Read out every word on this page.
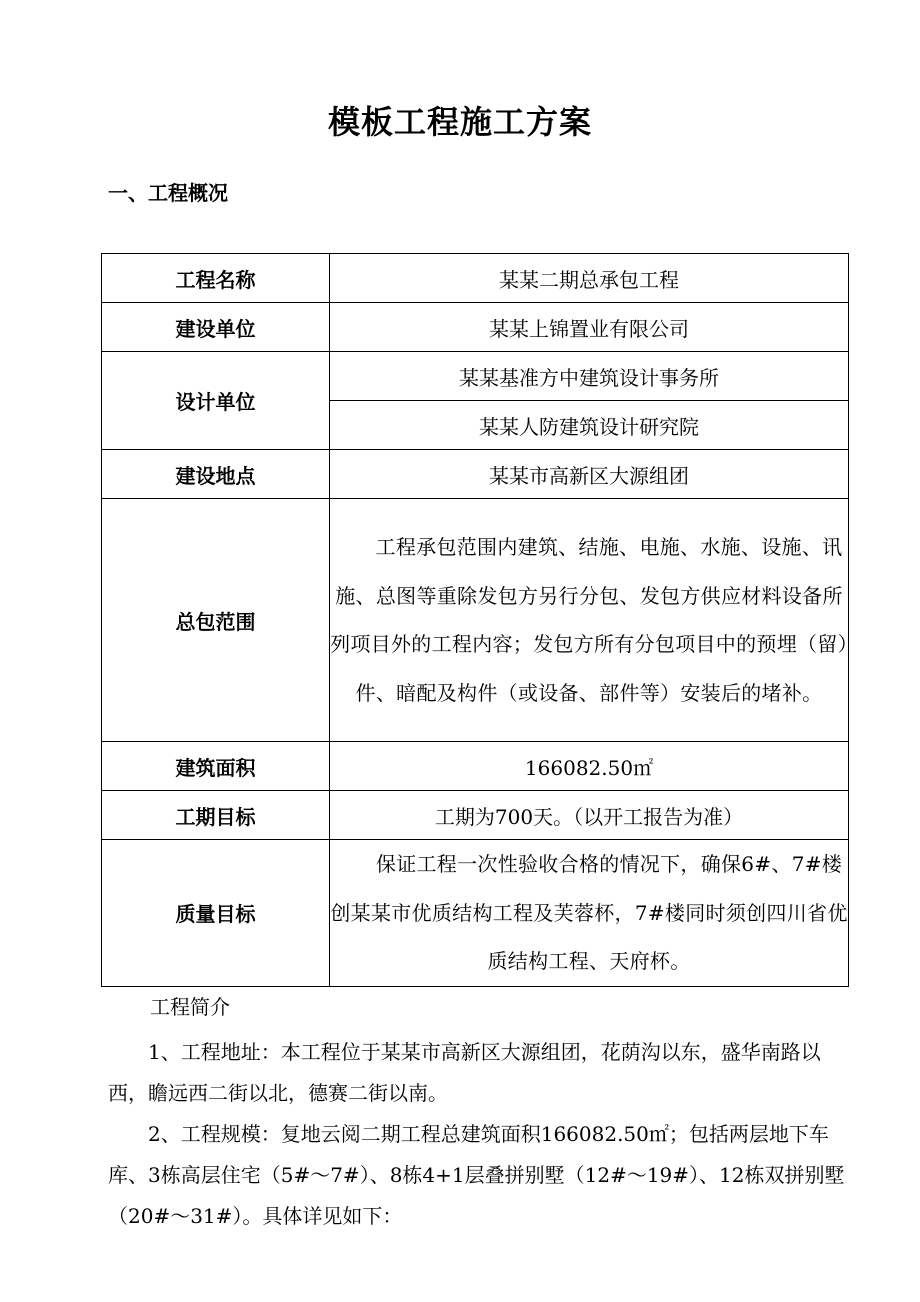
模板工程施工方案
一、工程概况
工程名称	某某二期总承包工程
建设单位	某某上锦置业有限公司
设计单位	某某基准方中建筑设计事务所
	某某人防建筑设计研究院
建设地点	某某市高新区大源组团
总包范围	工程承包范围内建筑、结施、电施、水施、设施、讯施、总图等重除发包方另行分包、发包方供应材料设备所列项目外的工程内容；发包方所有分包项目中的预埋（留）件、暗配及构件（或设备、部件等）安装后的堵补。
建筑面积	166082.50㎡
工期目标	工期为700天。（以开工报告为准）
质量目标	保证工程一次性验收合格的情况下，确保6#、7#楼创某某市优质结构工程及芙蓉杯，7#楼同时须创四川省优质结构工程、天府杯。
工程简介
1、工程地址：本工程位于某某市高新区大源组团，花荫沟以东，盛华南路以西，瞻远西二街以北，德赛二街以南。
2、工程规模：复地云阅二期工程总建筑面积166082.50㎡；包括两层地下车库、3栋高层住宅（5#～7#）、8栋4+1层叠拼别墅（12#～19#）、12栋双拼别墅（20#～31#）。具体详见如下：
